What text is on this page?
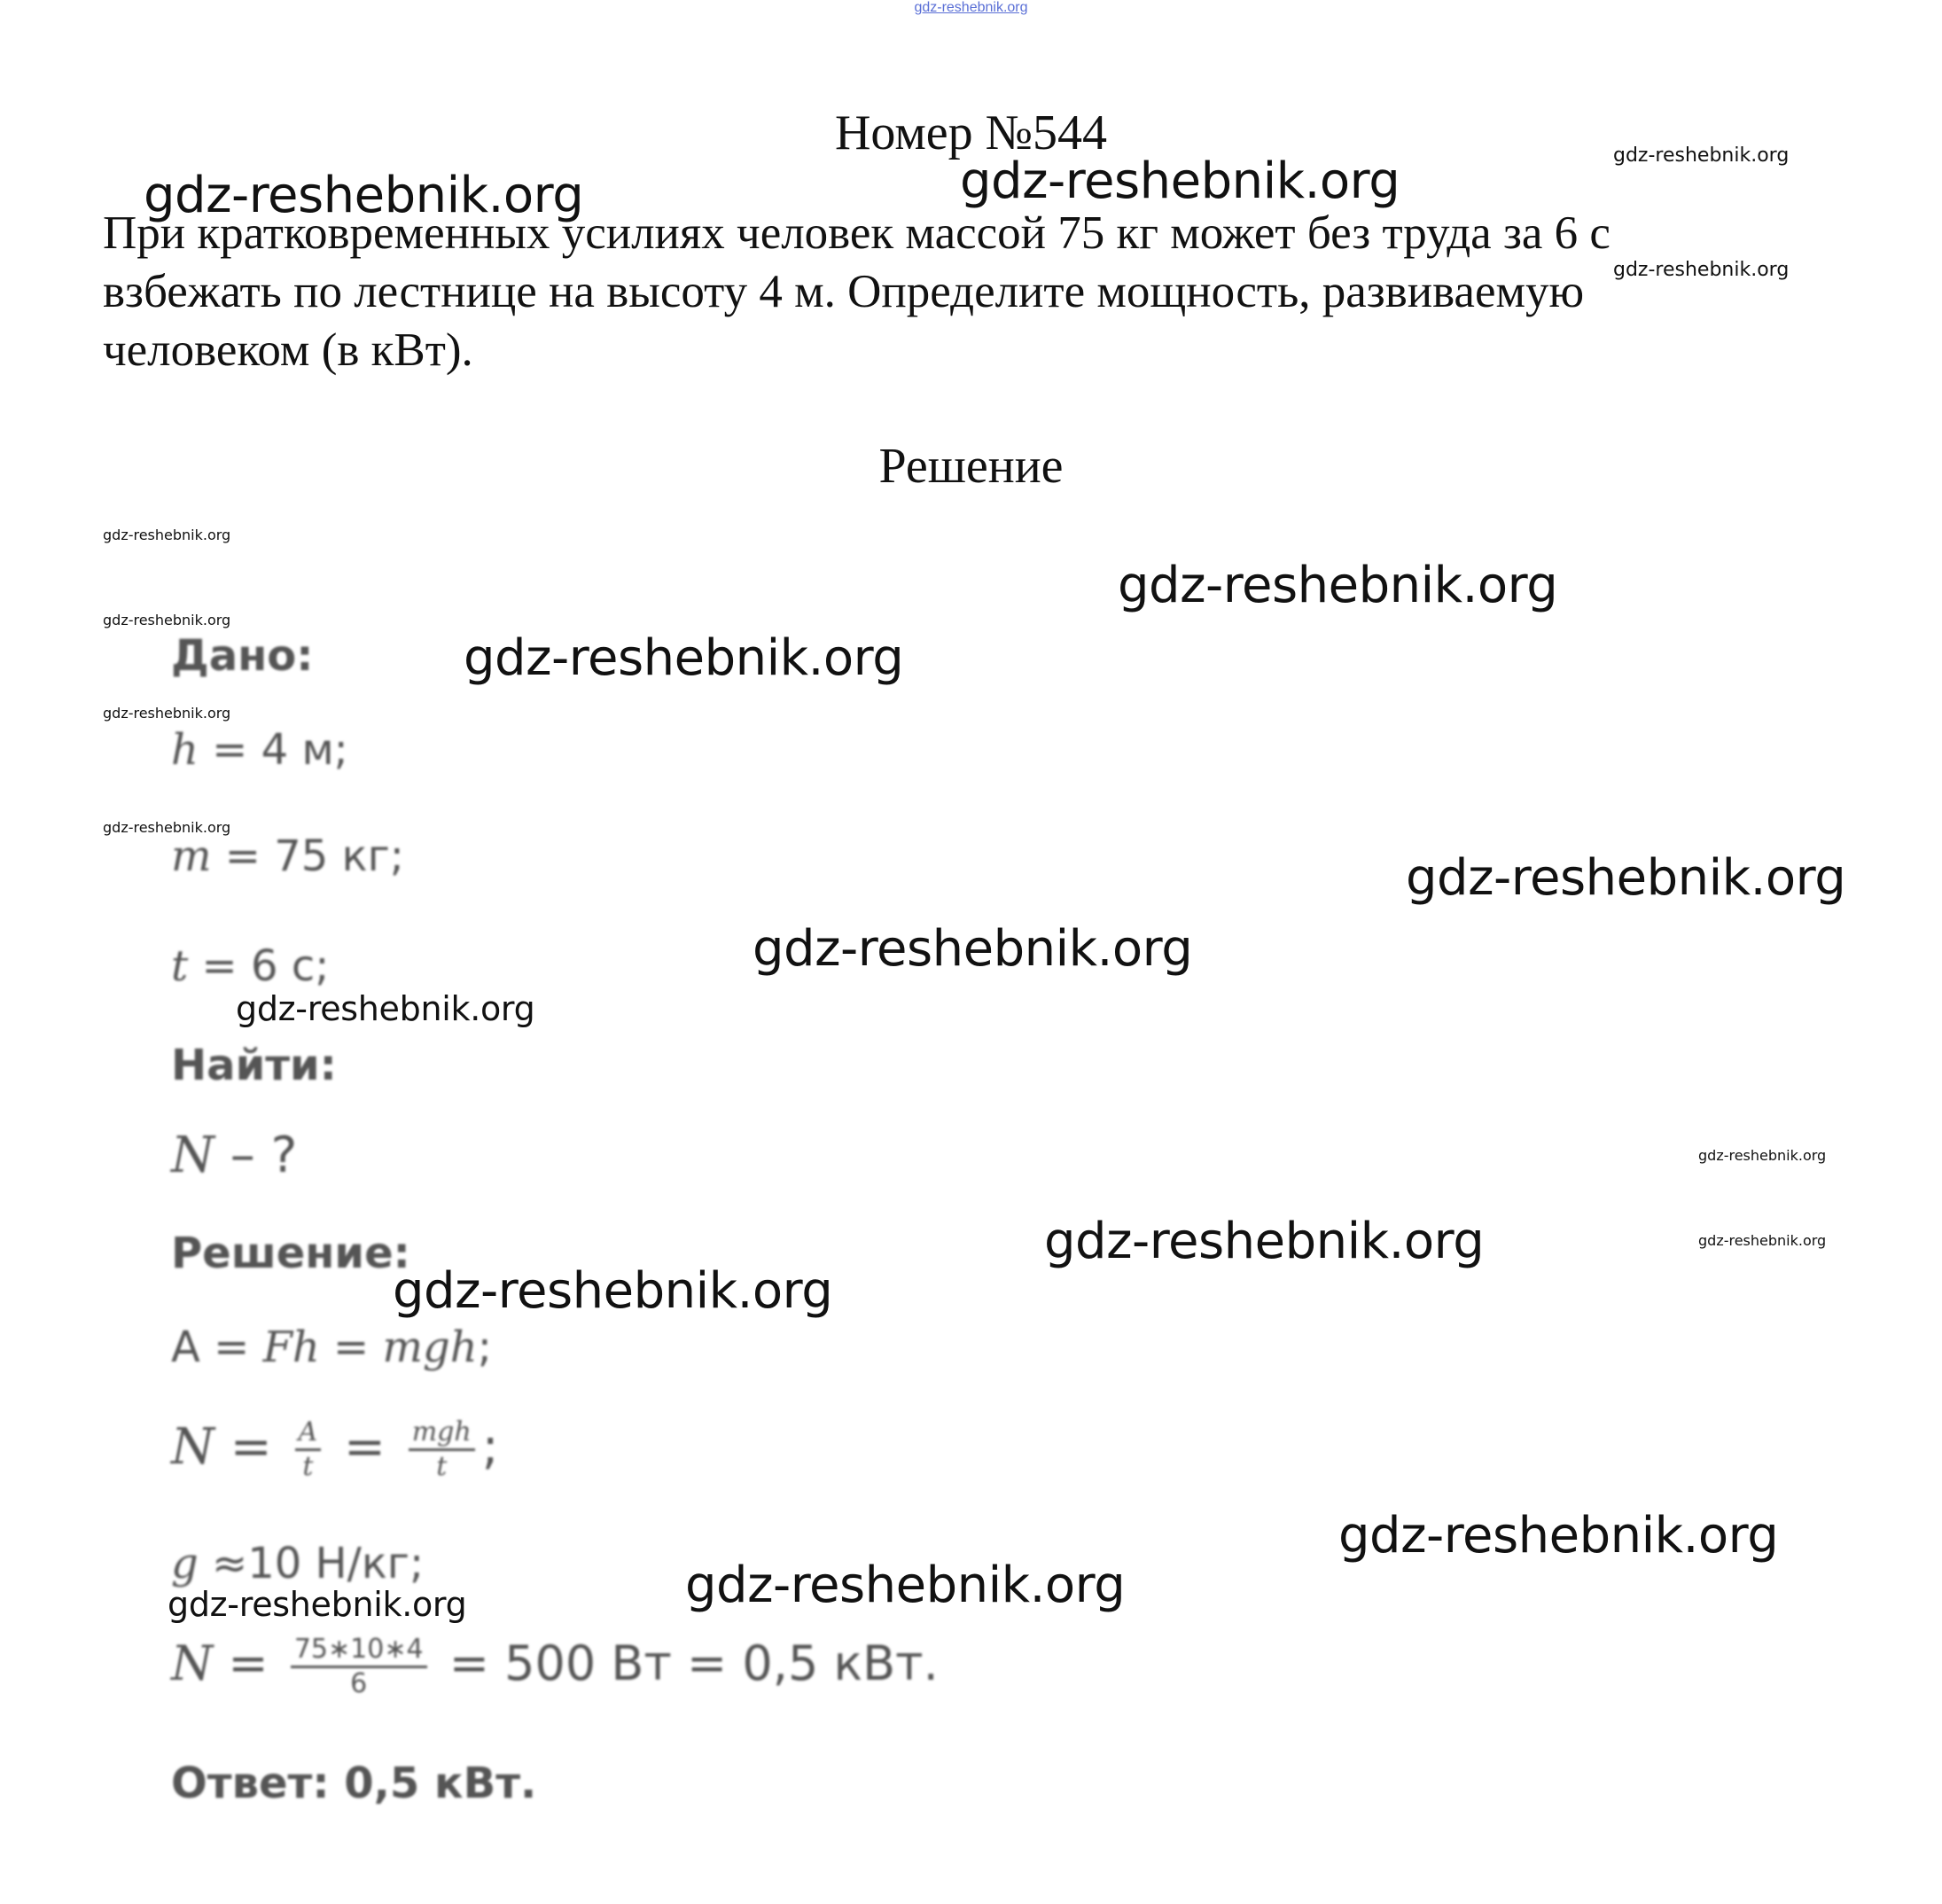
gdz-reshebnik.org
Номер №544
При кратковременных усилиях человек массой 75 кг может без труда за 6 с
взбежать по лестнице на высоту 4 м. Определите мощность, развиваемую
человеком (в кВт).
Решение
Дано:
h = 4 м;
m = 75 кг;
t = 6 с;
Найти:
N – ?
Решение:
A = Fh = mgh;
$N = \frac{A}{t} = \frac{\text{mgh}}{t}$ ;
g ≈10 Н/кг;
$N = \frac{75∗10∗4}{6} = 500$ Вт = 0,5 кВт.
Ответ: 0,5 кВт.
gdz-reshebnik.org	gdz-reshebnik.org	gdz-reshebnik.org
gdz-reshebnik.org
gdz-reshebnik.org
gdz-reshebnik.org
gdz-reshebnik.org
gdz-reshebnik.org
gdz-reshebnik.org
gdz-reshebnik.org
gdz-reshebnik.org
gdz-reshebnik.org
gdz-reshebnik.org
gdz-reshebnik.org
gdz-reshebnik.org	gdz-reshebnik.org
gdz-reshebnik.org
gdz-reshebnik.org
gdz-reshebnik.org
gdz-reshebnik.org
